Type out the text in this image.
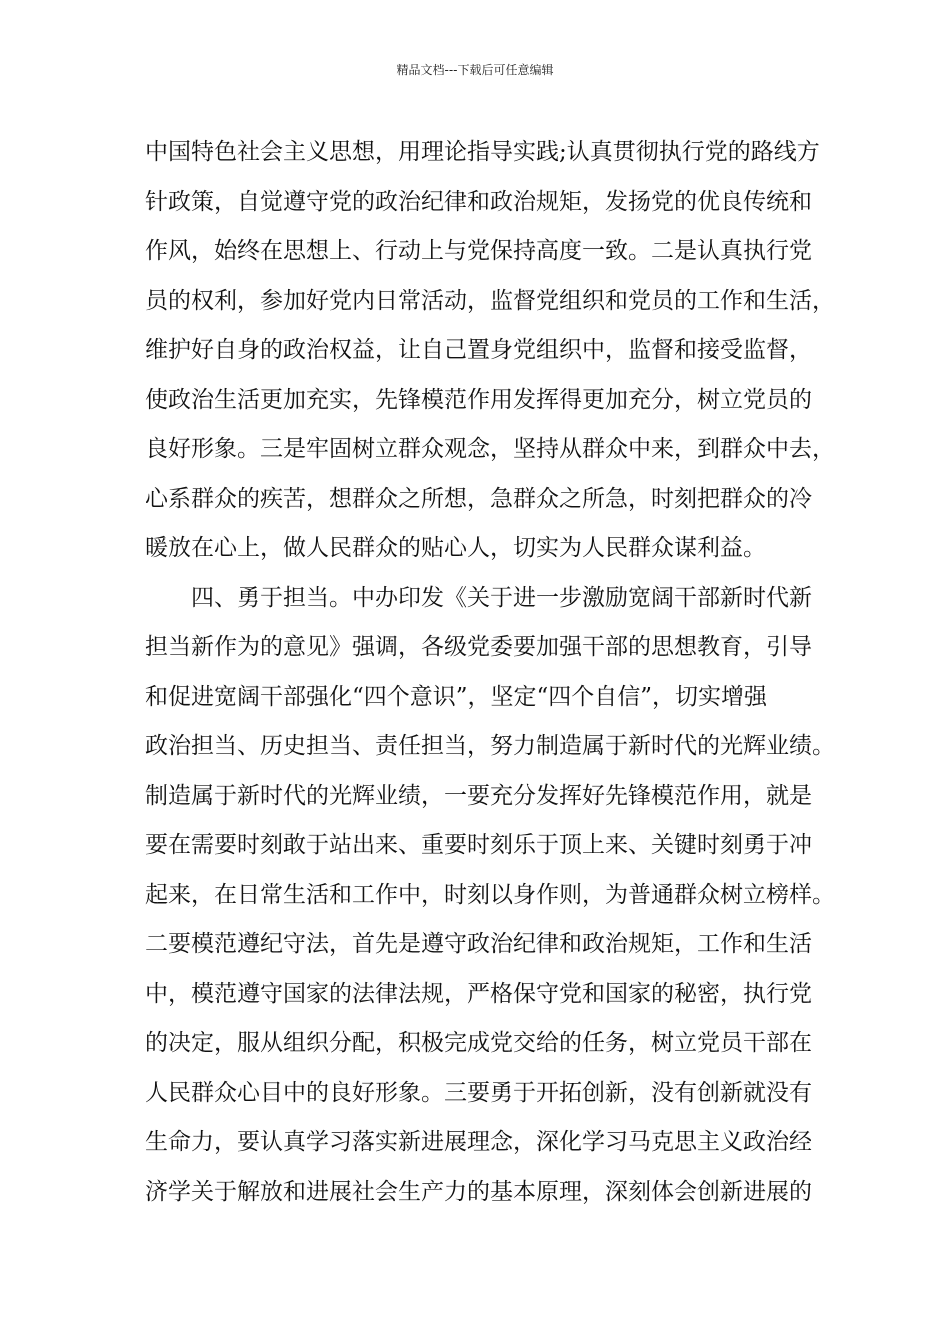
精品文档---下载后可任意编辑
中国特色社会主义思想，用理论指导实践;认真贯彻执行党的路线方
针政策，自觉遵守党的政治纪律和政治规矩，发扬党的优良传统和
作风，始终在思想上、行动上与党保持高度一致。二是认真执行党
员的权利，参加好党内日常活动，监督党组织和党员的工作和生活，
维护好自身的政治权益，让自己置身党组织中，监督和接受监督，
使政治生活更加充实，先锋模范作用发挥得更加充分，树立党员的
良好形象。三是牢固树立群众观念，坚持从群众中来，到群众中去，
心系群众的疾苦，想群众之所想，急群众之所急，时刻把群众的冷
暖放在心上，做人民群众的贴心人，切实为人民群众谋利益。
四、勇于担当。中办印发《关于进一步激励宽阔干部新时代新
担当新作为的意见》强调，各级党委要加强干部的思想教育，引导
和促进宽阔干部强化“四个意识”，坚定“四个自信”，切实增强
政治担当、历史担当、责任担当，努力制造属于新时代的光辉业绩。
制造属于新时代的光辉业绩，一要充分发挥好先锋模范作用，就是
要在需要时刻敢于站出来、重要时刻乐于顶上来、关键时刻勇于冲
起来，在日常生活和工作中，时刻以身作则，为普通群众树立榜样。
二要模范遵纪守法，首先是遵守政治纪律和政治规矩，工作和生活
中，模范遵守国家的法律法规，严格保守党和国家的秘密，执行党
的决定，服从组织分配，积极完成党交给的任务，树立党员干部在
人民群众心目中的良好形象。三要勇于开拓创新，没有创新就没有
生命力，要认真学习落实新进展理念，深化学习马克思主义政治经
济学关于解放和进展社会生产力的基本原理，深刻体会创新进展的
